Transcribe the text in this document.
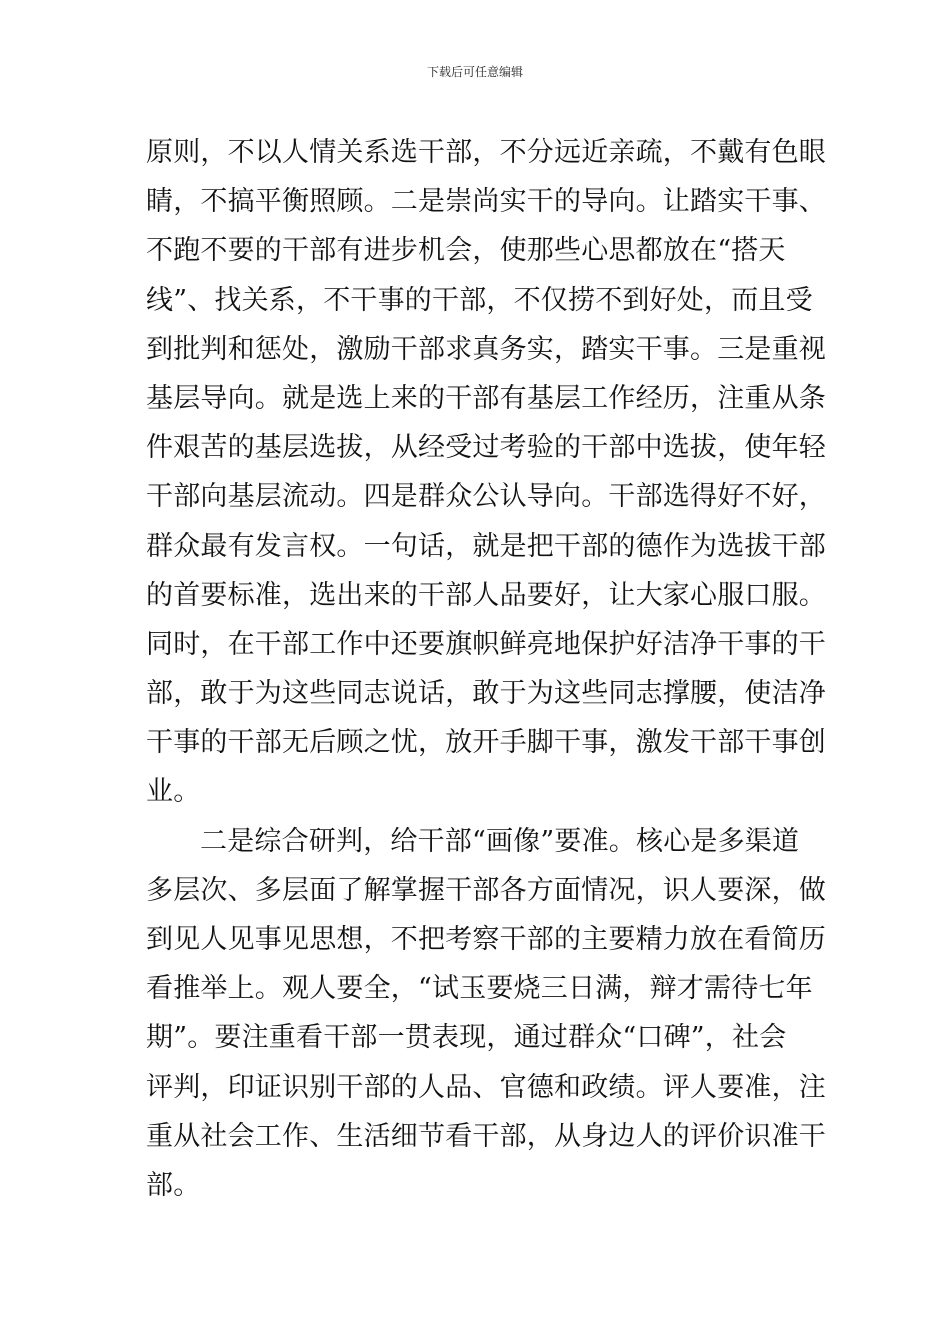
下载后可任意编辑
原则，不以人情关系选干部，不分远近亲疏，不戴有色眼
睛，不搞平衡照顾。二是崇尚实干的导向。让踏实干事、
不跑不要的干部有进步机会，使那些心思都放在“搭天
线”、找关系，不干事的干部，不仅捞不到好处，而且受
到批判和惩处，激励干部求真务实，踏实干事。三是重视
基层导向。就是选上来的干部有基层工作经历，注重从条
件艰苦的基层选拔，从经受过考验的干部中选拔，使年轻
干部向基层流动。四是群众公认导向。干部选得好不好，
群众最有发言权。一句话，就是把干部的德作为选拔干部
的首要标准，选出来的干部人品要好，让大家心服口服。
同时，在干部工作中还要旗帜鲜亮地保护好洁净干事的干
部，敢于为这些同志说话，敢于为这些同志撑腰，使洁净
干事的干部无后顾之忧，放开手脚干事，激发干部干事创
业。
二是综合研判，给干部“画像”要准。核心是多渠道
多层次、多层面了解掌握干部各方面情况，识人要深，做
到见人见事见思想，不把考察干部的主要精力放在看简历
看推举上。观人要全，“试玉要烧三日满，辩才需待七年
期”。要注重看干部一贯表现，通过群众“口碑”，社会
评判，印证识别干部的人品、官德和政绩。评人要准，注
重从社会工作、生活细节看干部，从身边人的评价识准干
部。
